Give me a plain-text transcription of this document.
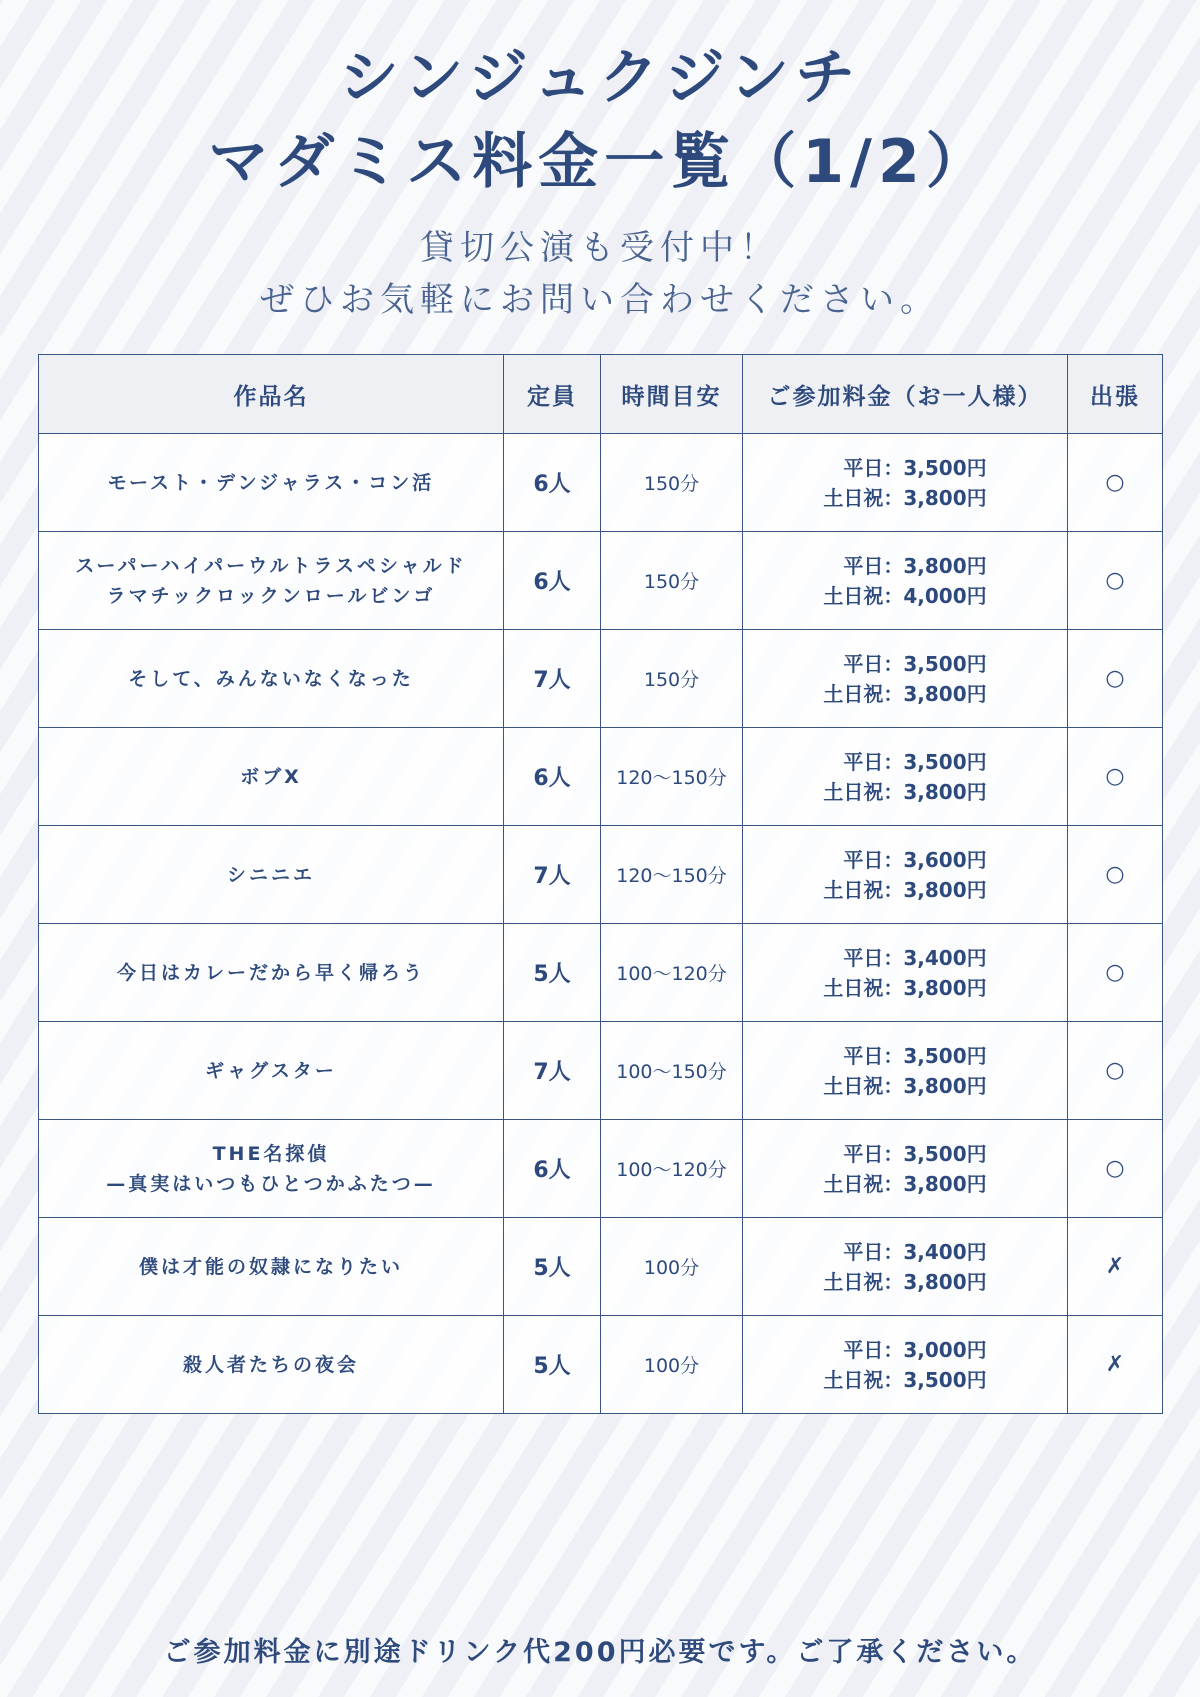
シンジュクジンチ
マダミス料金一覧（1/2）

貸切公演も受付中！
ぜひお気軽にお問い合わせください。

作品名	定員	時間目安	ご参加料金（お一人様）	出張

モースト・デンジャラス・コン活	6人	150分	平日：3,500円
土日祝：3,800円	○

スーパーハイパーウルトラスペシャルド
ラマチックロックンロールビンゴ	6人	150分	平日：3,800円
土日祝：4,000円	○

そして、みんないなくなった	7人	150分	平日：3,500円
土日祝：3,800円	○

ボブX	6人	120〜150分	平日：3,500円
土日祝：3,800円	○

シニニエ	7人	120〜150分	平日：3,600円
土日祝：3,800円	○

今日はカレーだから早く帰ろう	5人	100〜120分	平日：3,400円
土日祝：3,800円	○

ギャグスター	7人	100〜150分	平日：3,500円
土日祝：3,800円	○

THE名探偵
—真実はいつもひとつかふたつ—	6人	100〜120分	平日：3,500円
土日祝：3,800円	○

僕は才能の奴隷になりたい	5人	100分	平日：3,400円
土日祝：3,800円	✗

殺人者たちの夜会	5人	100分	平日：3,000円
土日祝：3,500円	✗

ご参加料金に別途ドリンク代200円必要です。ご了承ください。
